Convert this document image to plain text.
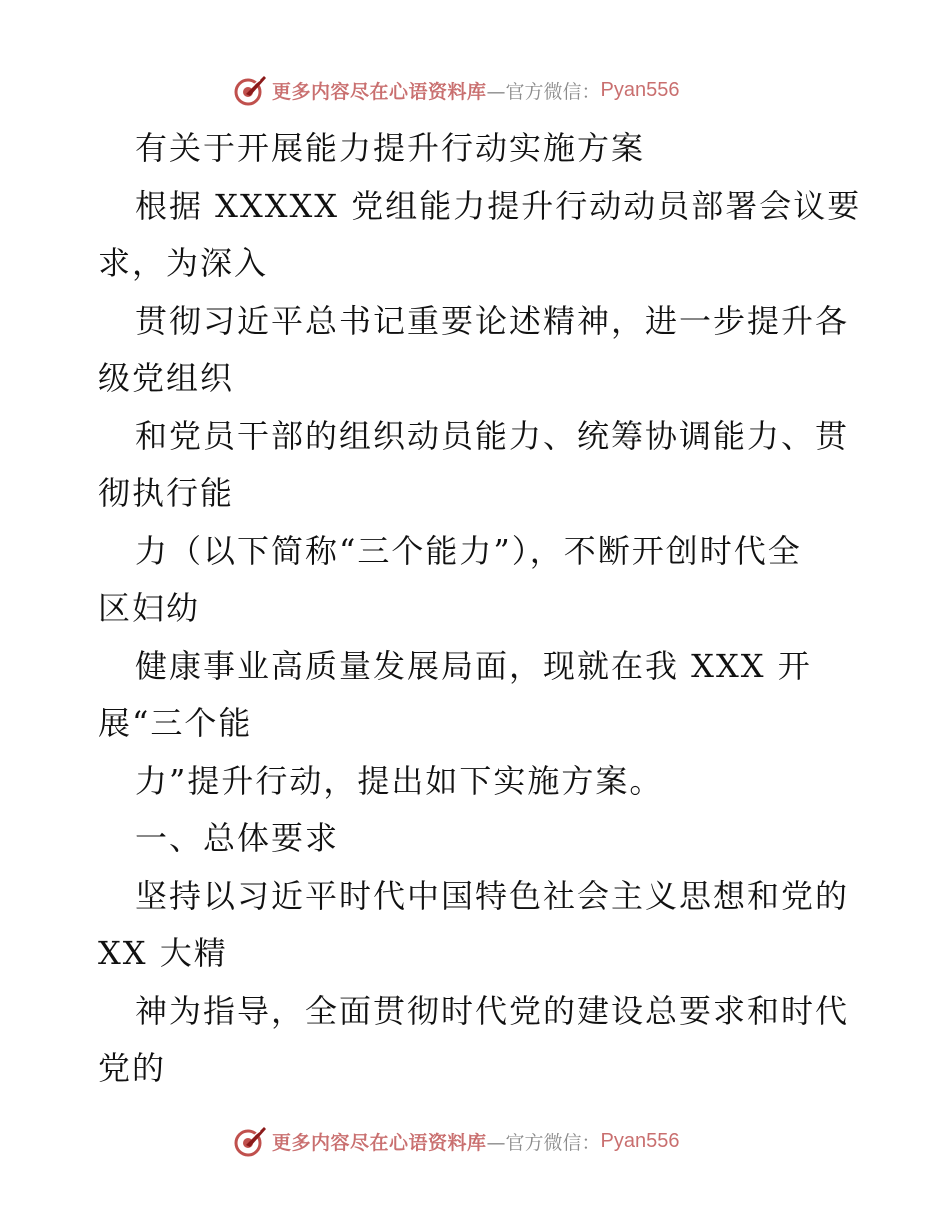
更多内容尽在心语资料库 —官方微信： Pyan556
有关于开展能力提升行动实施方案
根据 XXXXX 党组能力提升行动动员部署会议要
求，为深入
贯彻习近平总书记重要论述精神，进一步提升各
级党组织
和党员干部的组织动员能力、统筹协调能力、贯
彻执行能
力（以下简称“三个能力”），不断开创时代全
区妇幼
健康事业高质量发展局面，现就在我 XXX 开
展“三个能
力”提升行动，提出如下实施方案。
一、总体要求
坚持以习近平时代中国特色社会主义思想和党的
XX 大精
神为指导，全面贯彻时代党的建设总要求和时代
党的
更多内容尽在心语资料库 —官方微信： Pyan556
